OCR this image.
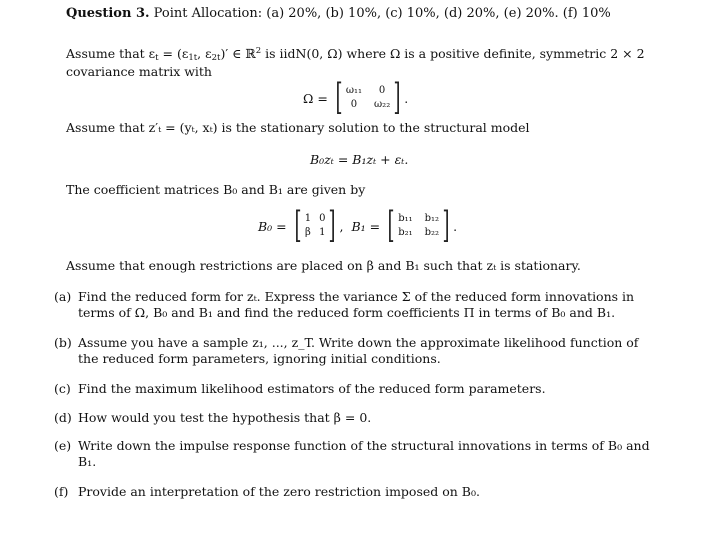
Question 3. Point Allocation: (a) 20%, (b) 10%, (c) 10%, (d) 20%, (e) 20%. (f) 10%
Assume that $\varepsilon_t = (\varepsilon_{1t}$, $\varepsilon_{2t})'$ ∈ ℝ$^2$ is iidN(0, Ω) where Ω is a positive definite, symmetric 2 × 2
covariance matrix with
Ω = [ ω₁₁	0
0	ω₂₂ ] .
Assume that z′ₜ = (yₜ, xₜ) is the stationary solution to the structural model
B₀zₜ = B₁zₜ + εₜ.
The coefficient matrices B₀ and B₁ are given by
B₀ = [ 1 0
β 1 ] , B₁ = [ b₁₁ b₁₂
b₂₁ b₂₂ ] .
Assume that enough restrictions are placed on β and B₁ such that zₜ is stationary.
(a) Find the reduced form for zₜ. Express the variance Σ of the reduced form innovations in terms of Ω, B₀ and B₁ and find the reduced form coefficients Π in terms of B₀ and B₁.
(b) Assume you have a sample z₁, ..., z_T. Write down the approximate likelihood function of the reduced form parameters, ignoring initial conditions.
(c) Find the maximum likelihood estimators of the reduced form parameters.
(d) How would you test the hypothesis that β = 0.
(e) Write down the impulse response function of the structural innovations in terms of B₀ and B₁.
(f) Provide an interpretation of the zero restriction imposed on B₀.
